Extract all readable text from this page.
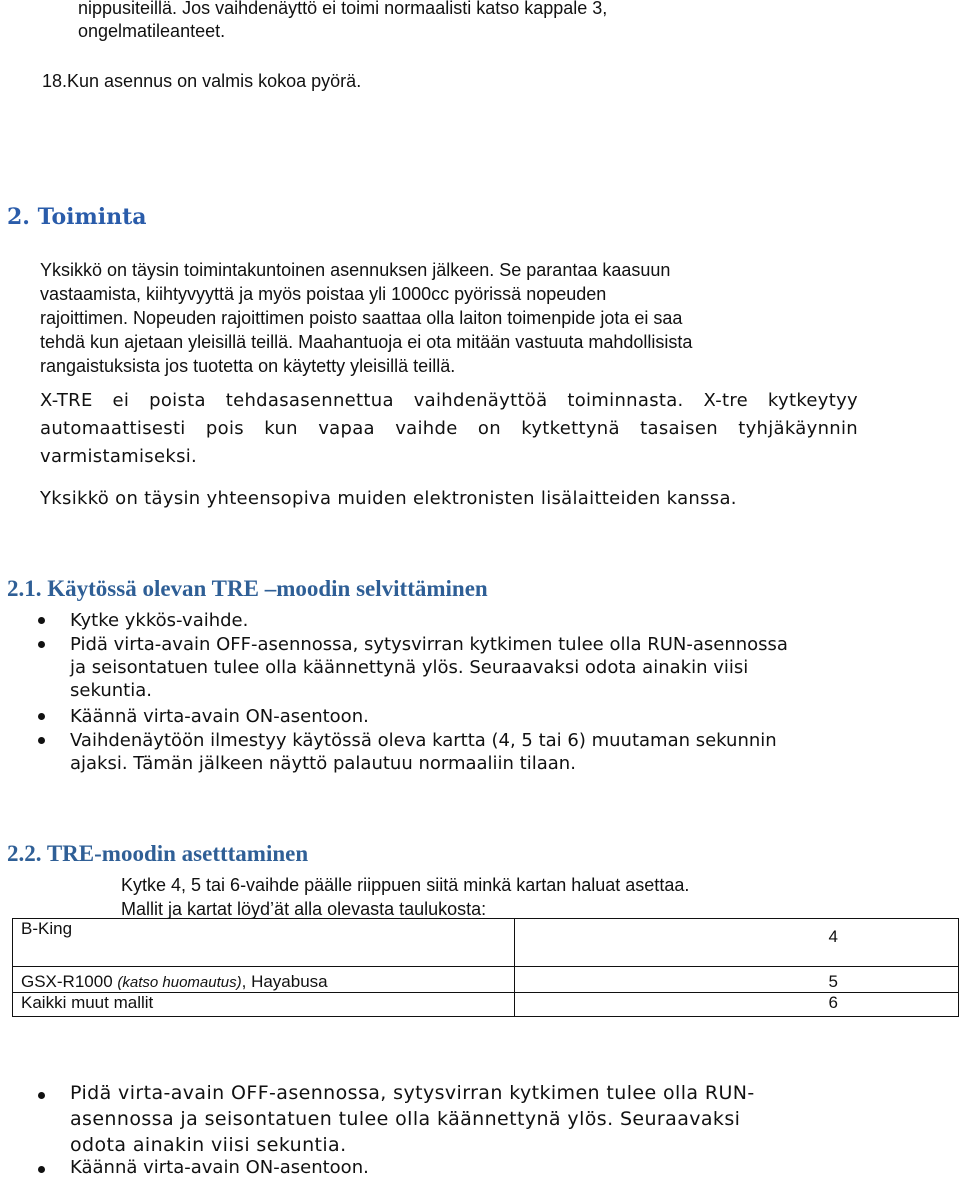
nippusiteillä. Jos vaihdenäyttö ei toimi normaalisti katso kappale 3,
ongelmatileanteet.
18.Kun asennus on valmis kokoa pyörä.
2. Toiminta
Yksikkö on täysin toimintakuntoinen asennuksen jälkeen. Se parantaa kaasuun
vastaamista, kiihtyvyyttä ja myös poistaa yli 1000cc pyörissä nopeuden
rajoittimen. Nopeuden rajoittimen poisto saattaa olla laiton toimenpide jota ei saa
tehdä kun ajetaan yleisillä teillä. Maahantuoja ei ota mitään vastuuta mahdollisista
rangaistuksista jos tuotetta on käytetty yleisillä teillä.
X-TRE ei poista tehdasasennettua vaihdenäyttöä toiminnasta. X-tre kytkeytyy
automaattisesti pois kun vapaa vaihde on kytkettynä tasaisen tyhjäkäynnin
varmistamiseksi.
Yksikkö on täysin yhteensopiva muiden elektronisten lisälaitteiden kanssa.
2.1. Käytössä olevan TRE –moodin selvittäminen
Kytke ykkös-vaihde.
Pidä virta-avain OFF-asennossa, sytysvirran kytkimen tulee olla RUN-asennossa
ja seisontatuen tulee olla käännettynä ylös. Seuraavaksi odota ainakin viisi
sekuntia.
Käännä virta-avain ON-asentoon.
Vaihdenäytöön ilmestyy käytössä oleva kartta (4, 5 tai 6) muutaman sekunnin
ajaksi. Tämän jälkeen näyttö palautuu normaaliin tilaan.
2.2. TRE-moodin asetttaminen
Kytke 4, 5 tai 6-vaihde päälle riippuen siitä minkä kartan haluat asettaa.
Mallit ja kartat löyd’ät alla olevasta taulukosta:
B-King	4
GSX-R1000 (katso huomautus), Hayabusa	5
Kaikki muut mallit	6
Pidä virta-avain OFF-asennossa, sytysvirran kytkimen tulee olla RUN-
asennossa ja seisontatuen tulee olla käännettynä ylös. Seuraavaksi
odota ainakin viisi sekuntia.
Käännä virta-avain ON-asentoon.
